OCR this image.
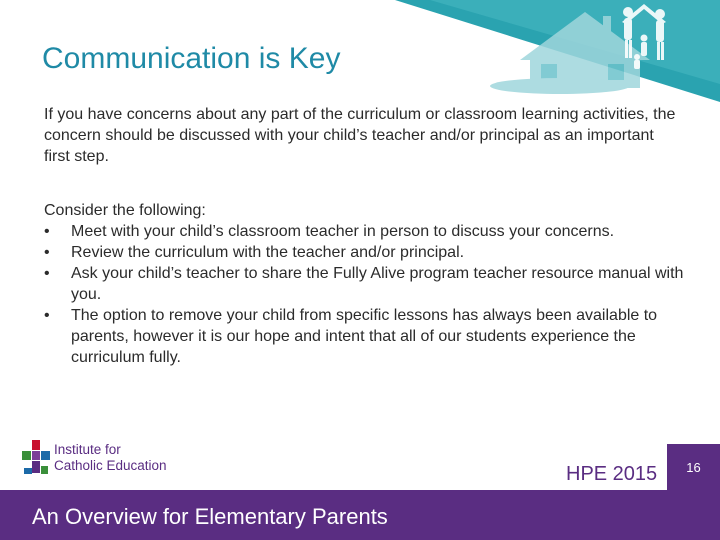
Communication is Key
If you have concerns about any part of the curriculum or classroom learning activities, the concern should be discussed with your child’s teacher and/or principal as an important first step.
Consider the following:
•	Meet with your child’s classroom teacher in person to discuss your concerns.
•	Review the curriculum with the teacher and/or principal.
•	Ask your child’s teacher to share the Fully Alive program teacher resource manual with you.
•	The option to remove your child from specific lessons has always been available to parents, however it is our hope and intent that all of our students experience the curriculum fully.
Institute for
Catholic Education	HPE 2015	16
An Overview for Elementary Parents
